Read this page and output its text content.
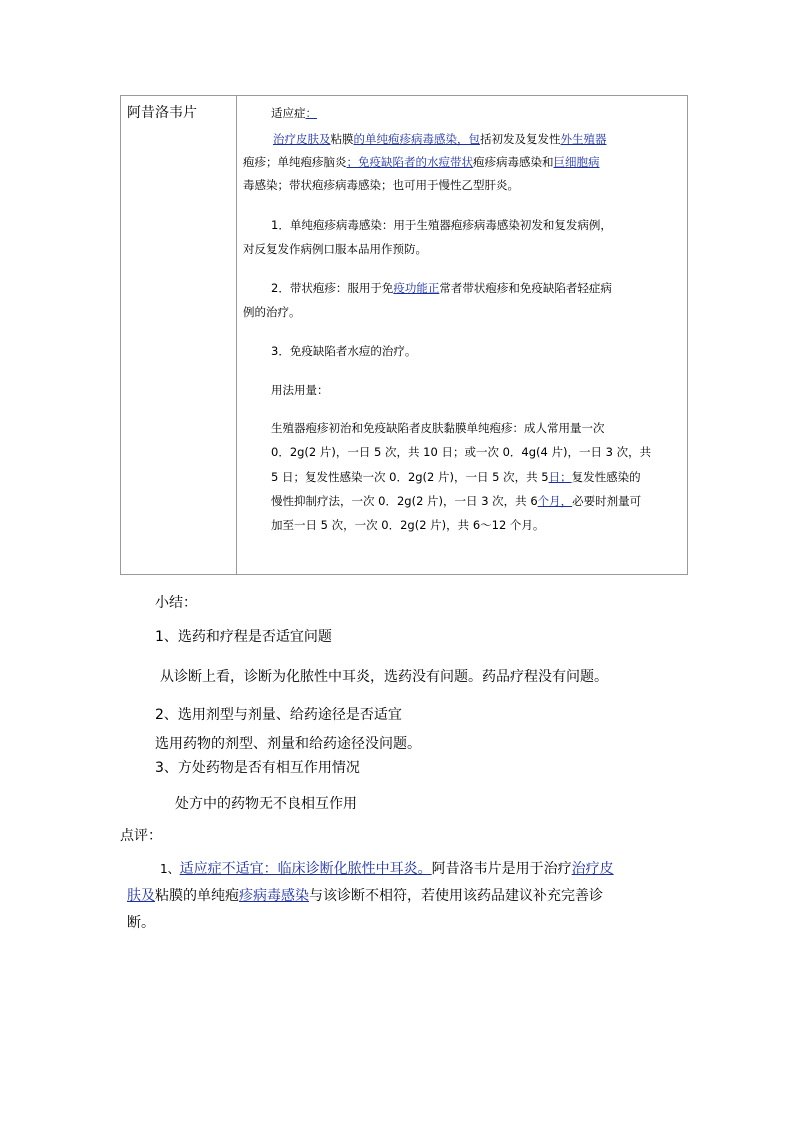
阿昔洛韦片	适应症：
治疗皮肤及粘膜的单纯疱疹病毒感染，包括初发及复发性外生殖器
疱疹；单纯疱疹脑炎；免疫缺陷者的水痘带状疱疹病毒感染和巨细胞病
毒感染；带状疱疹病毒感染；也可用于慢性乙型肝炎。
1．单纯疱疹病毒感染：用于生殖器疱疹病毒感染初发和复发病例，
对反复发作病例口服本品用作预防。
2．带状疱疹：服用于免疫功能正常者带状疱疹和免疫缺陷者轻症病
例的治疗。
3．免疫缺陷者水痘的治疗。
用法用量：
生殖器疱疹初治和免疫缺陷者皮肤黏膜单纯疱疹：成人常用量一次
0．2g(2 片)，一日 5 次，共 10 日；或一次 0．4g(4 片)，一日 3 次，共
5 日；复发性感染一次 0．2g(2 片)，一日 5 次，共 5日；复发性感染的
慢性抑制疗法，一次 0．2g(2 片)，一日 3 次，共 6个月，必要时剂量可
加至一日 5 次，一次 0．2g(2 片)，共 6～12 个月。
小结：
1、选药和疗程是否适宜问题
从诊断上看，诊断为化脓性中耳炎，选药没有问题。药品疗程没有问题。
2、选用剂型与剂量、给药途径是否适宜
选用药物的剂型、剂量和给药途径没问题。
3、方处药物是否有相互作用情况
处方中的药物无不良相互作用
点评：
1、适应症不适宜：临床诊断化脓性中耳炎。阿昔洛韦片是用于治疗治疗皮
肤及粘膜的单纯疱疹病毒感染与该诊断不相符，若使用该药品建议补充完善诊
断。
